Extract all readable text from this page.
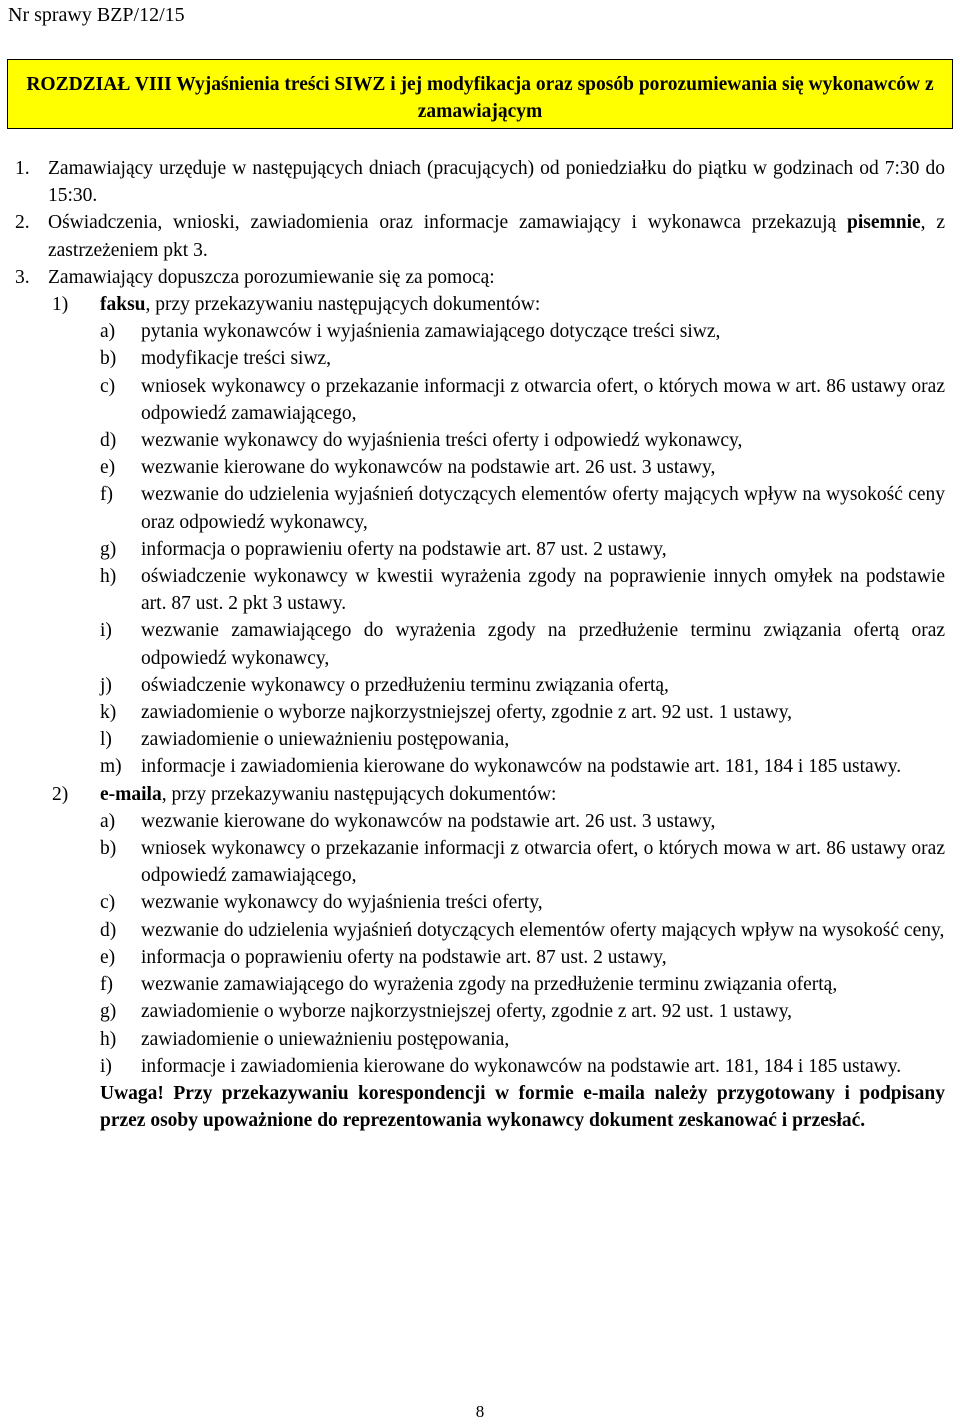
Nr sprawy BZP/12/15
ROZDZIAŁ VIII Wyjaśnienia treści SIWZ i jej modyfikacja oraz sposób porozumiewania się wykonawców z zamawiającym
1. Zamawiający urzęduje w następujących dniach (pracujących) od poniedziałku do piątku w godzinach od 7:30 do 15:30.
2. Oświadczenia, wnioski, zawiadomienia oraz informacje zamawiający i wykonawca przekazują pisemnie, z zastrzeżeniem pkt 3.
3. Zamawiający dopuszcza porozumiewanie się za pomocą:
1) faksu, przy przekazywaniu następujących dokumentów:
a) pytania wykonawców i wyjaśnienia zamawiającego dotyczące treści siwz,
b) modyfikacje treści siwz,
c) wniosek wykonawcy o przekazanie informacji z otwarcia ofert, o których mowa w art. 86 ustawy oraz odpowiedź zamawiającego,
d) wezwanie wykonawcy do wyjaśnienia treści oferty i odpowiedź wykonawcy,
e) wezwanie kierowane do wykonawców na podstawie art. 26 ust. 3 ustawy,
f) wezwanie do udzielenia wyjaśnień dotyczących elementów oferty mających wpływ na wysokość ceny oraz odpowiedź wykonawcy,
g) informacja o poprawieniu oferty na podstawie art. 87 ust. 2 ustawy,
h) oświadczenie wykonawcy w kwestii wyrażenia zgody na poprawienie innych omyłek na podstawie art. 87 ust. 2 pkt 3 ustawy.
i) wezwanie zamawiającego do wyrażenia zgody na przedłużenie terminu związania ofertą oraz odpowiedź wykonawcy,
j) oświadczenie wykonawcy o przedłużeniu terminu związania ofertą,
k) zawiadomienie o wyborze najkorzystniejszej oferty, zgodnie z art. 92 ust. 1 ustawy,
l) zawiadomienie o unieważnieniu postępowania,
m) informacje i zawiadomienia kierowane do wykonawców na podstawie art. 181, 184 i 185 ustawy.
2) e-maila, przy przekazywaniu następujących dokumentów:
a) wezwanie kierowane do wykonawców na podstawie art. 26 ust. 3 ustawy,
b) wniosek wykonawcy o przekazanie informacji z otwarcia ofert, o których mowa w art. 86 ustawy oraz odpowiedź zamawiającego,
c) wezwanie wykonawcy do wyjaśnienia treści oferty,
d) wezwanie do udzielenia wyjaśnień dotyczących elementów oferty mających wpływ na wysokość ceny,
e) informacja o poprawieniu oferty na podstawie art. 87 ust. 2 ustawy,
f) wezwanie zamawiającego do wyrażenia zgody na przedłużenie terminu związania ofertą,
g) zawiadomienie o wyborze najkorzystniejszej oferty, zgodnie z art. 92 ust. 1 ustawy,
h) zawiadomienie o unieważnieniu postępowania,
i) informacje i zawiadomienia kierowane do wykonawców na podstawie art. 181, 184 i 185 ustawy.
Uwaga! Przy przekazywaniu korespondencji w formie e-maila należy przygotowany i podpisany przez osoby upoważnione do reprezentowania wykonawcy dokument zeskanować i przesłać.
8
